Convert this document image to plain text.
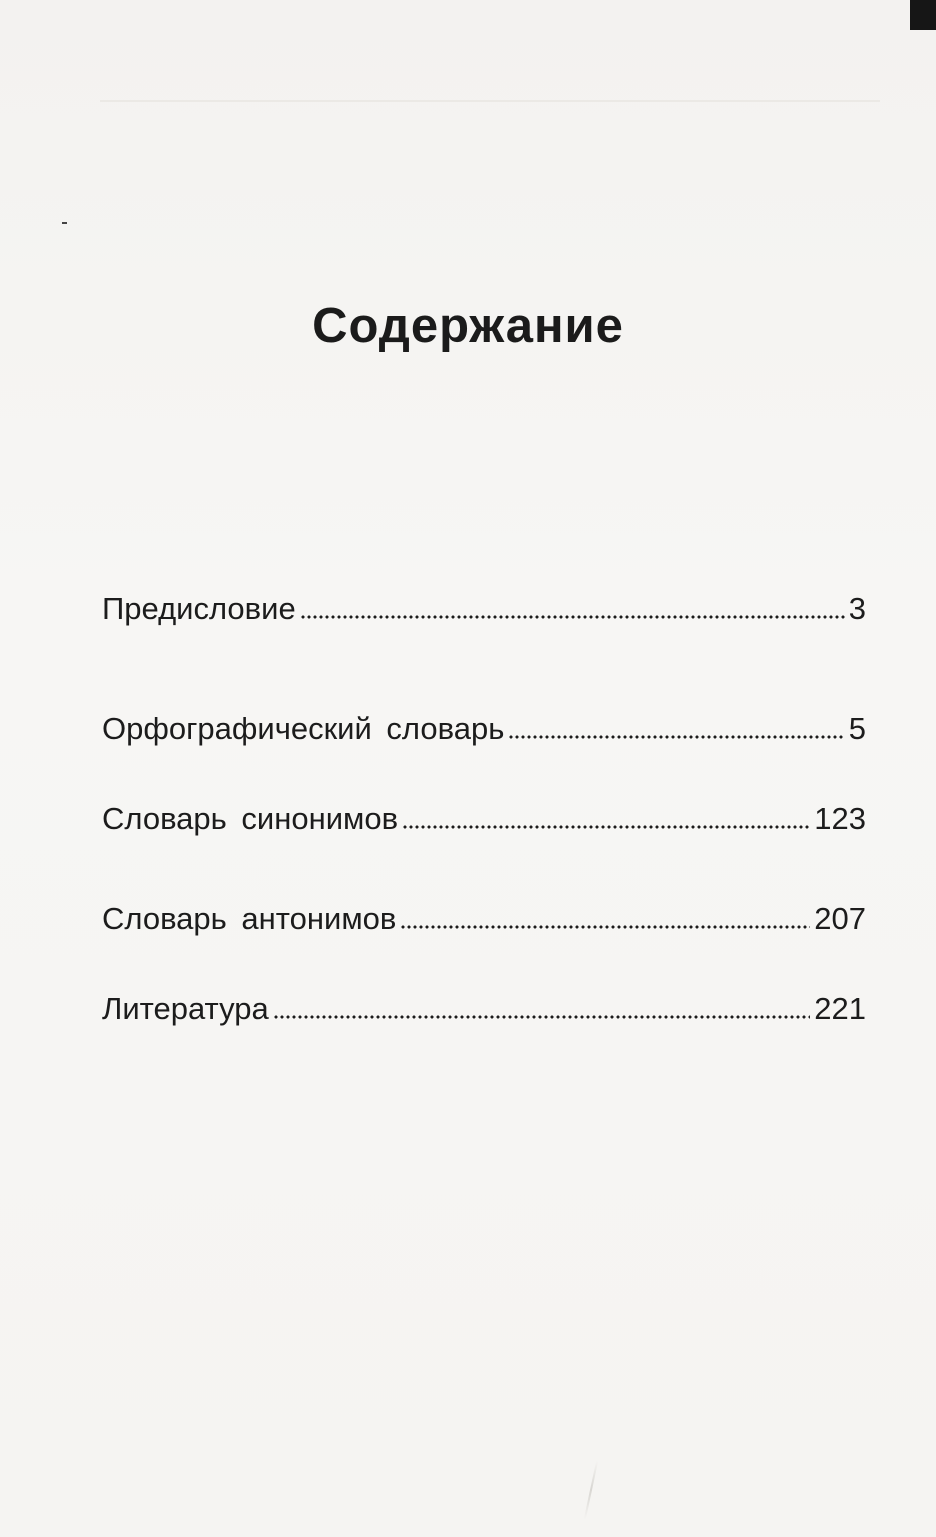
Содержание
Предисловие	3
Орфографический словарь	5
Словарь синонимов	123
Словарь антонимов	207
Литература	221
